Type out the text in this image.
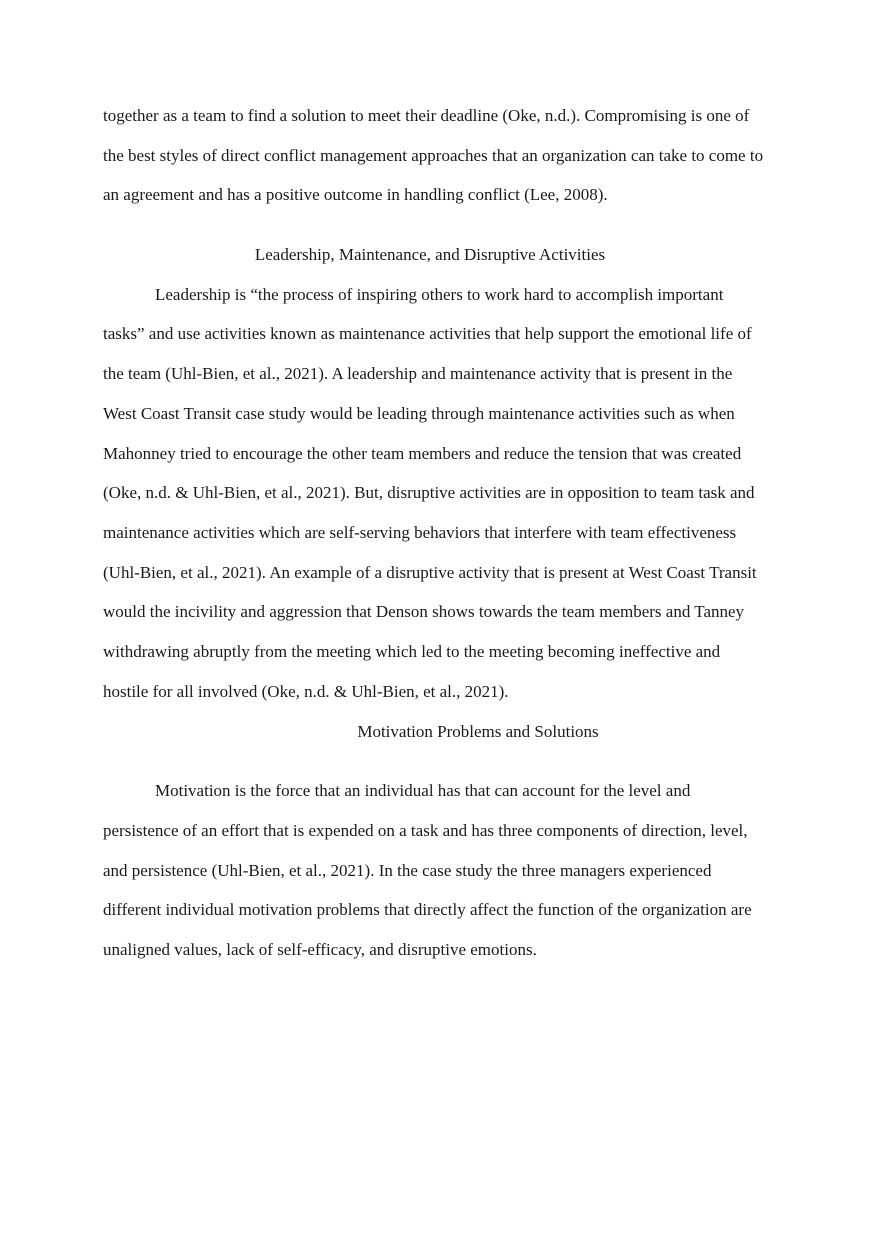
together as a team to find a solution to meet their deadline (Oke, n.d.). Compromising is one of
the best styles of direct conflict management approaches that an organization can take to come to
an agreement and has a positive outcome in handling conflict (Lee, 2008).
Leadership, Maintenance, and Disruptive Activities
Leadership is “the process of inspiring others to work hard to accomplish important
tasks” and use activities known as maintenance activities that help support the emotional life of
the team (Uhl-Bien, et al., 2021). A leadership and maintenance activity that is present in the
West Coast Transit case study would be leading through maintenance activities such as when
Mahonney tried to encourage the other team members and reduce the tension that was created
(Oke, n.d. & Uhl-Bien, et al., 2021). But, disruptive activities are in opposition to team task and
maintenance activities which are self-serving behaviors that interfere with team effectiveness
(Uhl-Bien, et al., 2021). An example of a disruptive activity that is present at West Coast Transit
would the incivility and aggression that Denson shows towards the team members and Tanney
withdrawing abruptly from the meeting which led to the meeting becoming ineffective and
hostile for all involved (Oke, n.d. & Uhl-Bien, et al., 2021).
Motivation Problems and Solutions
Motivation is the force that an individual has that can account for the level and
persistence of an effort that is expended on a task and has three components of direction, level,
and persistence (Uhl-Bien, et al., 2021). In the case study the three managers experienced
different individual motivation problems that directly affect the function of the organization are
unaligned values, lack of self-efficacy, and disruptive emotions.
